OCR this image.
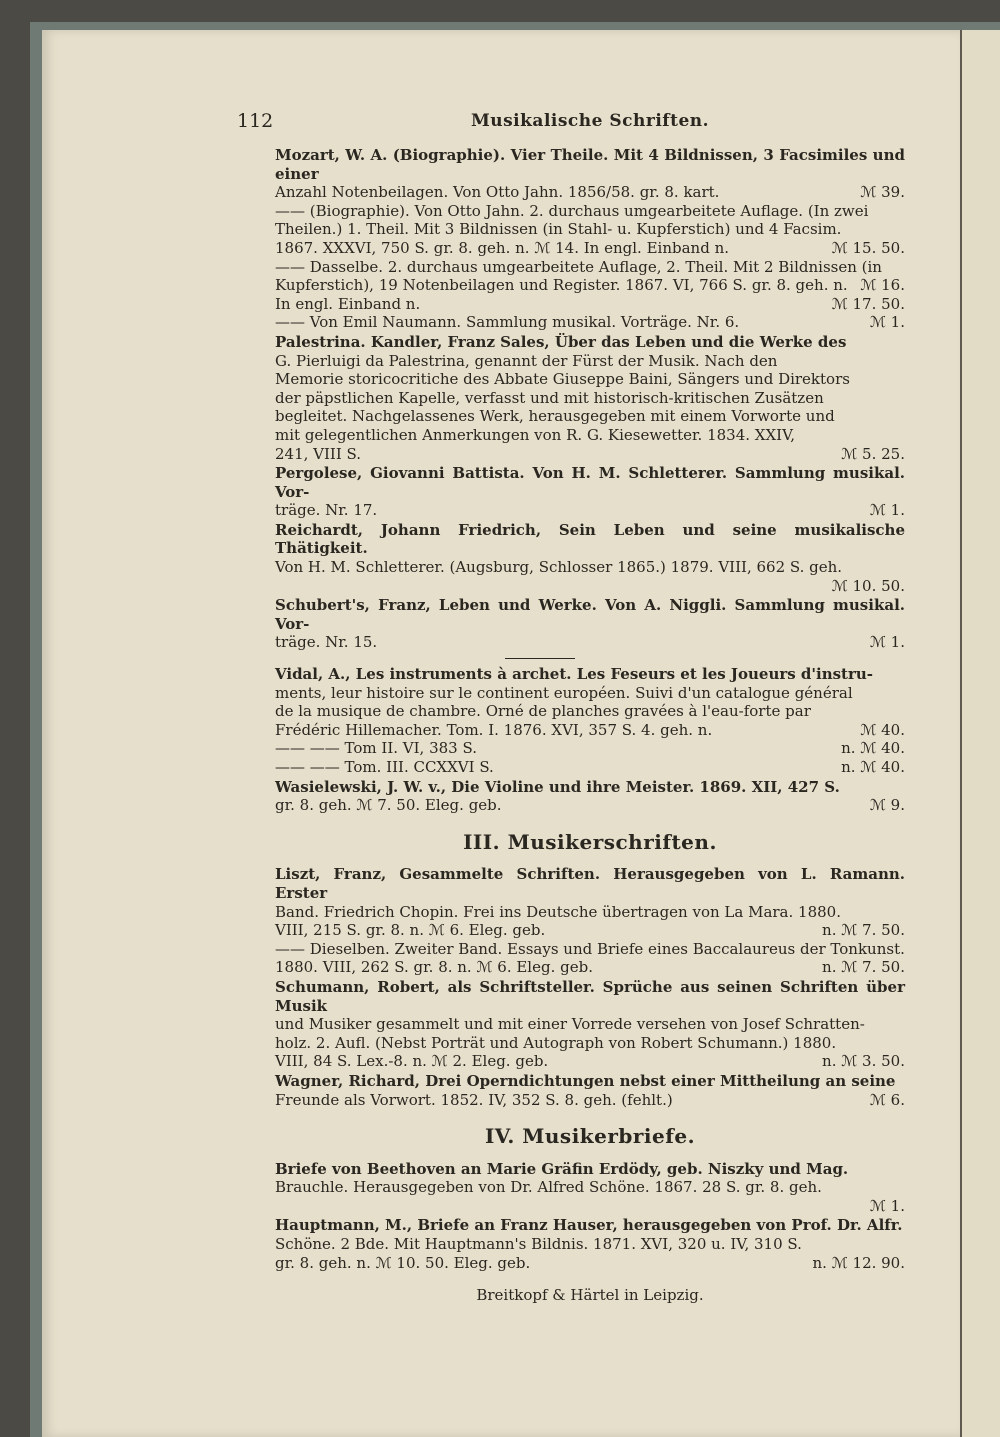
112	Musikalische Schriften.
Mozart, W. A. (Biographie). Vier Theile. Mit 4 Bildnissen, 3 Facsimiles und einer
ℳ 39.
Anzahl Notenbeilagen. Von Otto Jahn. 1856/58. gr. 8. kart.
—— (Biographie). Von Otto Jahn. 2. durchaus umgearbeitete Auflage. (In zwei
Theilen.) 1. Theil. Mit 3 Bildnissen (in Stahl- u. Kupferstich) und 4 Facsim.
ℳ 15. 50.
1867. XXXVI, 750 S. gr. 8. geh. n. ℳ 14. In engl. Einband n.
—— Dasselbe. 2. durchaus umgearbeitete Auflage, 2. Theil. Mit 2 Bildnissen (in
ℳ 16.
Kupferstich), 19 Notenbeilagen und Register. 1867. VI, 766 S. gr. 8. geh. n.
ℳ 17. 50.
In engl. Einband n.
ℳ 1.
—— Von Emil Naumann. Sammlung musikal. Vorträge. Nr. 6.
Palestrina. Kandler, Franz Sales, Über das Leben und die Werke des
G. Pierluigi da Palestrina, genannt der Fürst der Musik. Nach den
Memorie storicocritiche des Abbate Giuseppe Baini, Sängers und Direktors
der päpstlichen Kapelle, verfasst und mit historisch-kritischen Zusätzen
begleitet. Nachgelassenes Werk, herausgegeben mit einem Vorworte und
mit gelegentlichen Anmerkungen von R. G. Kiesewetter. 1834. XXIV,
ℳ 5. 25.
241, VIII S.
Pergolese, Giovanni Battista. Von H. M. Schletterer. Sammlung musikal. Vor-
ℳ 1.
träge. Nr. 17.
Reichardt, Johann Friedrich, Sein Leben und seine musikalische Thätigkeit.
Von H. M. Schletterer. (Augsburg, Schlosser 1865.) 1879. VIII, 662 S. geh.
ℳ 10. 50.

Schubert's, Franz, Leben und Werke. Von A. Niggli. Sammlung musikal. Vor-
ℳ 1.
träge. Nr. 15.
Vidal, A., Les instruments à archet. Les Feseurs et les Joueurs d'instru-
ments, leur histoire sur le continent européen. Suivi d'un catalogue général
de la musique de chambre. Orné de planches gravées à l'eau-forte par
ℳ 40.
Frédéric Hillemacher. Tom. I. 1876. XVI, 357 S. 4. geh. n.
n. ℳ 40.
—— —— Tom II. VI, 383 S.
n. ℳ 40.
—— —— Tom. III. CCXXVI S.
Wasielewski, J. W. v., Die Violine und ihre Meister. 1869. XII, 427 S.
ℳ 9.
gr. 8. geh. ℳ 7. 50. Eleg. geb.
III. Musikerschriften.
Liszt, Franz, Gesammelte Schriften. Herausgegeben von L. Ramann. Erster
Band. Friedrich Chopin. Frei ins Deutsche übertragen von La Mara. 1880.
n. ℳ 7. 50.
VIII, 215 S. gr. 8. n. ℳ 6. Eleg. geb.
—— Dieselben. Zweiter Band. Essays und Briefe eines Baccalaureus der Tonkunst.
n. ℳ 7. 50.
1880. VIII, 262 S. gr. 8. n. ℳ 6. Eleg. geb.
Schumann, Robert, als Schriftsteller. Sprüche aus seinen Schriften über Musik
und Musiker gesammelt und mit einer Vorrede versehen von Josef Schratten-
holz. 2. Aufl. (Nebst Porträt und Autograph von Robert Schumann.) 1880.
n. ℳ 3. 50.
VIII, 84 S. Lex.-8. n. ℳ 2. Eleg. geb.
Wagner, Richard, Drei Operndichtungen nebst einer Mittheilung an seine
ℳ 6.
Freunde als Vorwort. 1852. IV, 352 S. 8. geh. (fehlt.)
IV. Musikerbriefe.
Briefe von Beethoven an Marie Gräfin Erdödy, geb. Niszky und Mag.
Brauchle. Herausgegeben von Dr. Alfred Schöne. 1867. 28 S. gr. 8. geh.
ℳ 1.

Hauptmann, M., Briefe an Franz Hauser, herausgegeben von Prof. Dr. Alfr.
Schöne. 2 Bde. Mit Hauptmann's Bildnis. 1871. XVI, 320 u. IV, 310 S.
n. ℳ 12. 90.
gr. 8. geh. n. ℳ 10. 50. Eleg. geb.
Breitkopf & Härtel in Leipzig.
